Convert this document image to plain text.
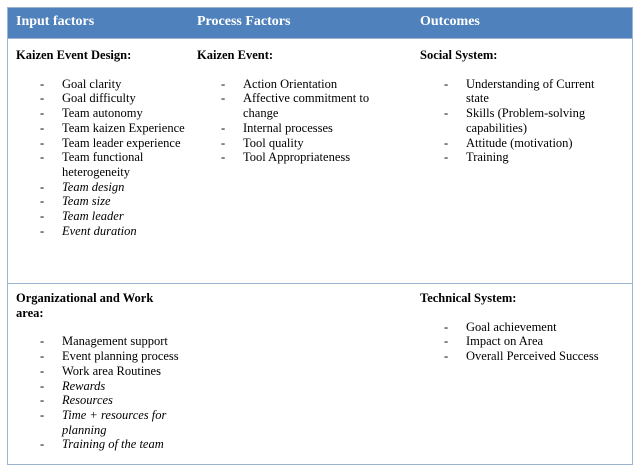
Input factors	Process Factors	Outcomes
Kaizen Event Design:
- Goal clarity
- Goal difficulty
- Team autonomy
- Team kaizen Experience
- Team leader experience
- Team functional heterogeneity
- Team design
- Team size
- Team leader
- Event duration
Kaizen Event:
- Action Orientation
- Affective commitment to change
- Internal processes
- Tool quality
- Tool Appropriateness
Social System:
- Understanding of Current state
- Skills (Problem-solving capabilities)
- Attitude (motivation)
- Training
Organizational and Work area:
- Management support
- Event planning process
- Work area Routines
- Rewards
- Resources
- Time + resources for planning
- Training of the team
Technical System:
- Goal achievement
- Impact on Area
- Overall Perceived Success
